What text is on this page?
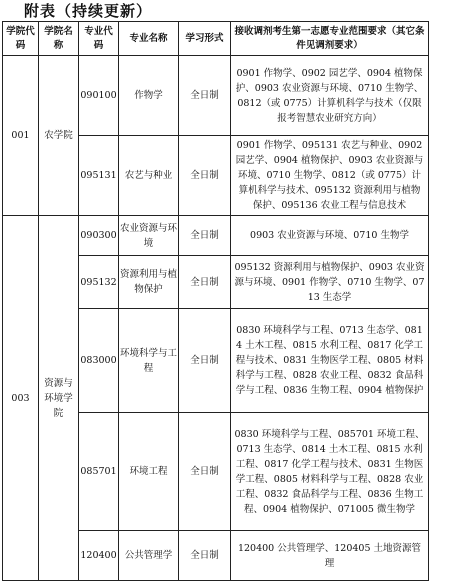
附表（持续更新）
学院代码	学院名称	专业代码	专业名称	学习形式	接收调剂考生第一志愿专业范围要求（其它条件见调剂要求）
001	农学院	090100	作物学	全日制	0901 作物学、0902 园艺学、0904 植物保护、0903 农业资源与环境、0710 生物学、0812（或 0775）计算机科学与技术（仅限报考智慧农业研究方向）
		095131	农艺与种业	全日制	0901 作物学、095131 农艺与种业、0902 园艺学、0904 植物保护、0903 农业资源与环境、0710 生物学、0812（或 0775）计算机科学与技术、095132 资源利用与植物保护、095136 农业工程与信息技术
003	资源与环境学院	090300	农业资源与环境	全日制	0903 农业资源与环境、0710 生物学
		095132	资源利用与植物保护	全日制	095132 资源利用与植物保护、0903 农业资源与环境、0901 作物学、0710 生物学、0713 生态学
		083000	环境科学与工程	全日制	0830 环境科学与工程、0713 生态学、0814 土木工程、0815 水利工程、0817 化学工程与技术、0831 生物医学工程、0805 材料科学与工程、0828 农业工程、0832 食品科学与工程、0836 生物工程、0904 植物保护
		085701	环境工程	全日制	0830 环境科学与工程、085701 环境工程、0713 生态学、0814 土木工程、0815 水利工程、0817 化学工程与技术、0831 生物医学工程、0805 材料科学与工程、0828 农业工程、0832 食品科学与工程、0836 生物工程、0904 植物保护、071005 微生物学
		120400	公共管理学	全日制	120400 公共管理学、120405 土地资源管理
